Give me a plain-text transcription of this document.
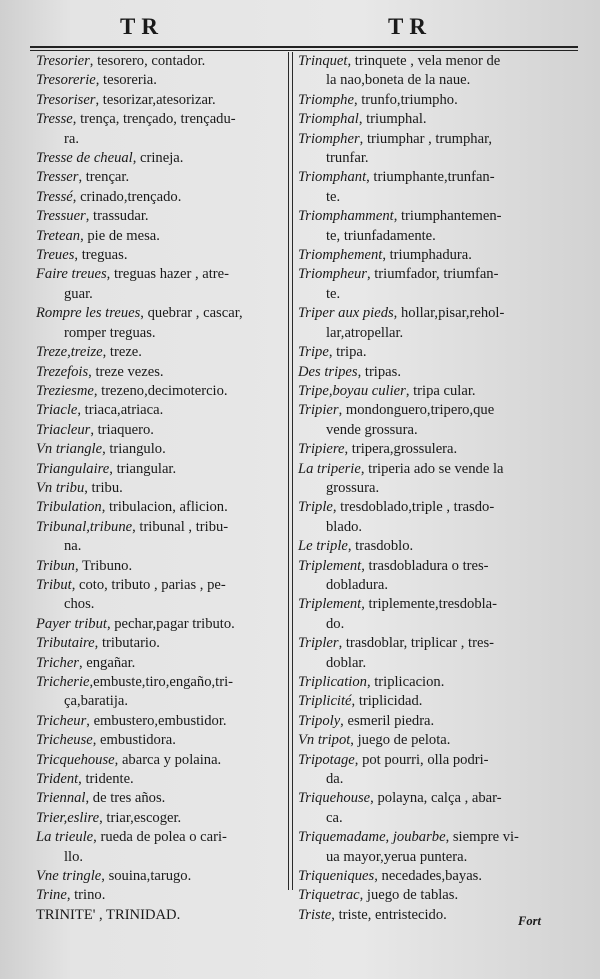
TR	TR
Tresorier, tesorero, contador.
Tresorerie, tesoreria.
Tresoriser, tesorizar,atesorizar.
Tresse, trença, trençado, trençadu-
ra.
Tresse de cheual, crineja.
Tresser, trençar.
Tressé, crinado,trençado.
Tressuer, trassudar.
Tretean, pie de mesa.
Treues, treguas.
Faire treues, treguas hazer , atre-
guar.
Rompre les treues, quebrar , cascar,
romper treguas.
Treze,treize, treze.
Trezefois, treze vezes.
Treziesme, trezeno,decimotercio.
Triacle, triaca,atriaca.
Triacleur, triaquero.
Vn triangle, triangulo.
Triangulaire, triangular.
Vn tribu, tribu.
Tribulation, tribulacion, aflicion.
Tribunal,tribune, tribunal , tribu-
na.
Tribun, Tribuno.
Tribut, coto, tributo , parias , pe-
chos.
Payer tribut, pechar,pagar tributo.
Tributaire, tributario.
Tricher, engañar.
Tricherie,embuste,tiro,engaño,tri-
ça,baratija.
Tricheur, embustero,embustidor.
Tricheuse, embustidora.
Tricquehouse, abarca y polaina.
Trident, tridente.
Triennal, de tres años.
Trier,eslire, triar,escoger.
La trieule, rueda de polea o cari-
llo.
Vne tringle, souina,tarugo.
Trine, trino.
TRINITE' , TRINIDAD.
Trinquet, trinquete , vela menor de
la nao,boneta de la naue.
Triomphe, trunfo,triumpho.
Triomphal, triumphal.
Triompher, triumphar , trumphar,
trunfar.
Triomphant, triumphante,trunfan-
te.
Triomphamment, triumphantemen-
te, triunfadamente.
Triomphement, triumphadura.
Triompheur, triumfador, triumfan-
te.
Triper aux pieds, hollar,pisar,rehol-
lar,atropellar.
Tripe, tripa.
Des tripes, tripas.
Tripe,boyau culier, tripa cular.
Tripier, mondonguero,tripero,que
vende grossura.
Tripiere, tripera,grossulera.
La triperie, triperia ado se vende la
grossura.
Triple, tresdoblado,triple , trasdo-
blado.
Le triple, trasdoblo.
Triplement, trasdobladura o tres-
dobladura.
Triplement, triplemente,tresdobla-
do.
Tripler, trasdoblar, triplicar , tres-
doblar.
Triplication, triplicacion.
Triplicité, triplicidad.
Tripoly, esmeril piedra.
Vn tripot, juego de pelota.
Tripotage, pot pourri, olla podri-
da.
Triquehouse, polayna, calça , abar-
ca.
Triquemadame, joubarbe, siempre vi-
ua mayor,yerua puntera.
Triqueniques, necedades,bayas.
Triquetrac, juego de tablas.
Triste, triste, entristecido.	Fort
